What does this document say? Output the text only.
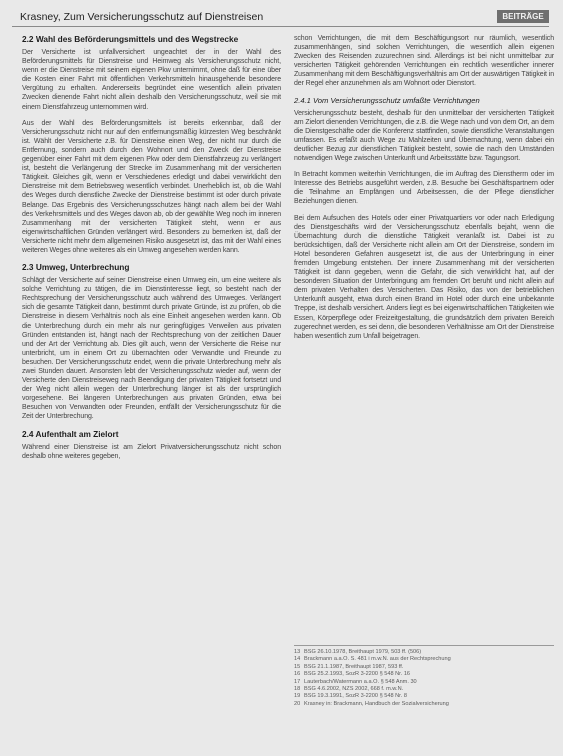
Krasney, Zum Versicherungsschutz auf Dienstreisen	BEITRÄGE
2.2 Wahl des Beförderungsmittels und des Wegstrecke

Der Versicherte ist unfallversichert ungeachtet der in der Wahl des Beförderungsmittels für Dienstreise und Heimweg als Versicherungsschutz nicht, wenn er die Dienstreise mit seinem eigenen Pkw unternimmt, ohne daß für eine über die Kosten einer Fahrt mit öffentlichen Verkehrsmitteln hinausgehende besondere Vergütung zu erhalten. Andererseits begründet eine wesentlich allein privaten Zwecken dienende Fahrt nicht allein deshalb den Versicherungsschutz, weil sie mit einem Dienstfahrzeug unternommen wird.

Aus der Wahl des Beförderungsmittels ist bereits erkennbar, daß der Versicherungsschutz nicht nur auf den entfernungsmäßig kürzesten Weg beschränkt ist. Wählt der Versicherte z.B. für Dienstreise einen Weg, der nicht nur durch die Entfernung, sondern auch durch den Wohnort und den Zweck der Dienstreise gegenüber einer Fahrt mit dem eigenen Pkw oder dem Dienstfahrzeug zu verlängert ist, besteht die Verlängerung der Strecke im Zusammenhang mit der versicherten Tätigkeit. Gleiches gilt, wenn er Verschiedenes erledigt und dabei verwirklicht den Dienstreise mit dem Betriebsweg wesentlich verbindet. Unerheblich ist, ob die Wahl des Weges durch dienstliche Zwecke der Dienstreise bestimmt ist oder durch private Belange. Das Ergebnis des Versicherungsschutzes hängt nach allem bei der Wahl des Verkehrsmittels und des Weges davon ab, ob der gewählte Weg noch im inneren Zusammenhang mit der versicherten Tätigkeit steht, wenn er aus eigenwirtschaftlichen Gründen verlängert wird. Besonders zu bemerken ist, daß der Versicherte nicht mehr dem allgemeinen Risiko ausgesetzt ist, das mit der Wahl eines weiteren Weges ohne weiteres als ein Umweg angesehen werden kann.

2.3 Umweg, Unterbrechung

Schlägt der Versicherte auf seiner Dienstreise einen Umweg ein, um eine weitere als solche Verrichtung zu tätigen, die im Dienstinteresse liegt, so besteht nach der Rechtsprechung der Versicherungsschutz auch während des Umweges. Verlängert sich die gesamte Tätigkeit dann, bestimmt durch private Gründe, ist zu prüfen, ob die Dienstreise in diesem Verhältnis noch als eine Einheit angesehen werden kann. Ob die Unterbrechung durch ein mehr als nur geringfügiges Verweilen aus privaten Gründen entstanden ist, hängt nach der Rechtsprechung von der zeitlichen Dauer und der Art der Verrichtung ab. Dies gilt auch, wenn der Versicherte die Reise nur unterbricht, um in einem Ort zu übernachten oder Verwandte und Freunde zu besuchen. Der Versicherungsschutz endet, wenn die private Unterbrechung mehr als zwei Stunden dauert. Ansonsten lebt der Versicherungsschutz wieder auf, wenn der Versicherte den Dienstreiseweg nach Beendigung der privaten Tätigkeit fortsetzt und der Weg nicht allein wegen der Unterbrechung länger ist als der ursprünglich vorgesehene. Bei längeren Unterbrechungen aus privaten Gründen, etwa bei Besuchen von Verwandten oder Freunden, entfällt der Versicherungsschutz für die Zeit der Unterbrechung.

2.4 Aufenthalt am Zielort

Während einer Dienstreise ist am Zielort Privatversicherungsschutz nicht schon deshalb ohne weiteres gegeben,

schon Verrichtungen, die mit dem Beschäftigungsort nur räumlich, wesentlich zusammenhängen, sind solchen Verrichtungen, die wesentlich allein eigenen Zwecken des Reisenden zuzurechnen sind. Allerdings ist bei nicht unmittelbar zur versicherten Tätigkeit gehörenden Verrichtungen ein rechtlich wesentlicher innerer Zusammenhang mit dem Beschäftigungsverhältnis am Ort der auswärtigen Tätigkeit in der Regel eher anzunehmen als am Wohnort oder Dienstort.

2.4.1 Vom Versicherungsschutz umfaßte Verrichtungen

Versicherungsschutz besteht, deshalb für den unmittelbar der versicherten Tätigkeit am Zielort dienenden Verrichtungen, die z.B. die Wege nach und von dem Ort, an dem die Dienstgeschäfte oder die Konferenz stattfinden, sowie dienstliche Veranstaltungen umfassen. Es erfaßt auch Wege zu Mahlzeiten und Übernachtung, wenn dabei ein deutlicher Bezug zur dienstlichen Tätigkeit besteht, sowie die nach den Umständen notwendigen Wege zwischen Unterkunft und Arbeitsstätte bzw. Tagungsort.

In Betracht kommen weiterhin Verrichtungen, die im Auftrag des Dienstherrn oder im Interesse des Betriebs ausgeführt werden, z.B. Besuche bei Geschäftspartnern oder die Teilnahme an Empfängen und Arbeitsessen, die der Pflege dienstlicher Beziehungen dienen.

Bei dem Aufsuchen des Hotels oder einer Privatquartiers vor oder nach Erledigung des Dienstgeschäfts wird der Versicherungsschutz ebenfalls bejaht, wenn die Übernachtung durch die dienstliche Tätigkeit veranlaßt ist. Dabei ist zu berücksichtigen, daß der Versicherte nicht allein am Ort der Dienstreise, sondern im Hotel besonderen Gefahren ausgesetzt ist, die aus der Unterbringung in einer fremden Umgebung entstehen. Der innere Zusammenhang mit der versicherten Tätigkeit ist dann gegeben, wenn die Gefahr, die sich verwirklicht hat, auf der besonderen Situation der Unterbringung am fremden Ort beruht und nicht allein auf dem privaten Verhalten des Versicherten. Das Risiko, das von der betrieblichen Unterkunft ausgeht, etwa durch einen Brand im Hotel oder durch eine unbekannte Treppe, ist deshalb versichert. Anders liegt es bei eigenwirtschaftlichen Tätigkeiten wie Essen, Körperpflege oder Freizeitgestaltung, die grundsätzlich dem privaten Bereich zugerechnet werden, es sei denn, die besonderen Verhältnisse am Ort der Dienstreise haben wesentlich zum Unfall beigetragen.

13 BSG 26.10.1978, Breithaupt 1979, 503 ff. (506)
14 Brackmann a.a.O. S. 481 i m.w.N. aus der Rechtsprechung
15 BSG 21.1.1987, Breithaupt 1987, 593 ff.
16 BSG 25.2.1993, SozR 3-2200 § 548 Nr. 16
17 Lauterbach/Watermann a.a.O. § 548 Anm. 30
18 BSG 4.6.2002, NZS 2002, 668 f. m.w.N.
19 BSG 19.3.1991, SozR 3-2200 § 548 Nr. 8
20 Krasney in: Brackmann, Handbuch der Sozialversicherung
